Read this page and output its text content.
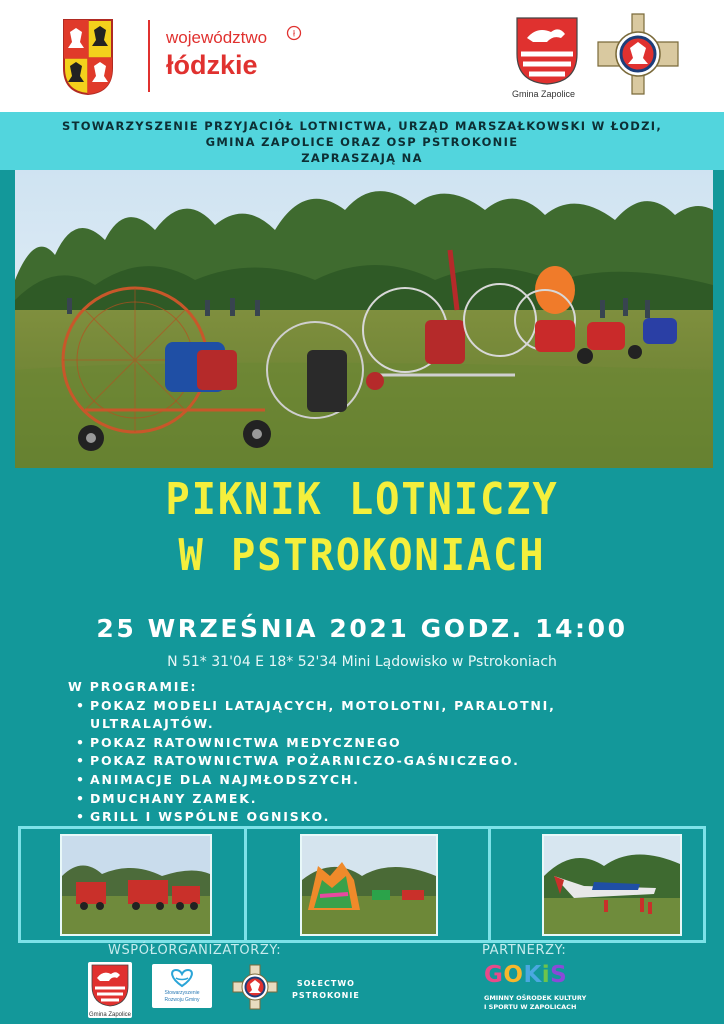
województwo
łódzkie
ł
Gmina Zapolice
STOWARZYSZENIE PRZYJACIÓŁ LOTNICTWA, URZĄD MARSZAŁKOWSKI W ŁODZI,
GMINA ZAPOLICE ORAZ OSP PSTROKONIE
ZAPRASZAJĄ NA
PIKNIK LOTNICZY
W PSTROKONIACH
25 WRZEŚNIA 2021 GODZ. 14:00
N 51* 31'04 E 18* 52'34 Mini Lądowisko w Pstrokoniach
W PROGRAMIE:
• POKAZ MODELI LATAJĄCYCH, MOTOLOTNI, PARALOTNI, ULTRALAJTÓW.
• POKAZ RATOWNICTWA MEDYCZNEGO
• POKAZ RATOWNICTWA POŻARNICZO-GAŚNICZEGO.
• ANIMACJE DLA NAJMŁODSZYCH.
• DMUCHANY ZAMEK.
• GRILL I WSPÓLNE OGNISKO.
WSPÓŁORGANIZATORZY:	PARTNERZY:
Gmina Zapolice
Stowarzyszenie
Rozwoju Gminy
SOŁECTWO
PSTROKONIE
GOKiS
GMINNY OŚRODEK KULTURY
I SPORTU W ZAPOLICACH
